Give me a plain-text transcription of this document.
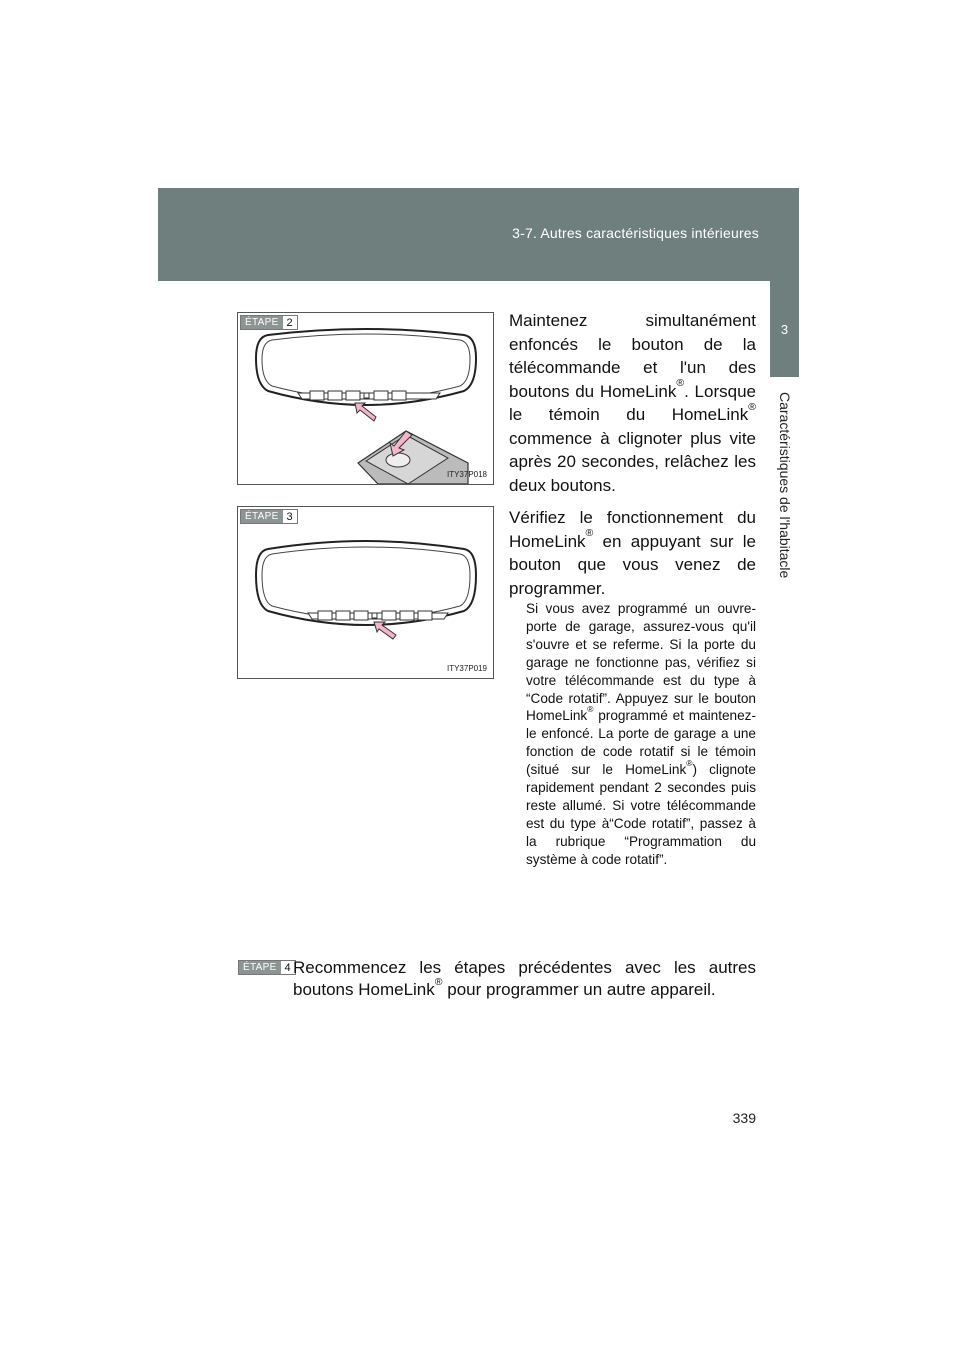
3-7. Autres caractéristiques intérieures
3
Caractéristiques de l'habitacle
ÉTAPE 2
ITY37P018
Maintenez simultanément enfoncés le bouton de la télécommande et l'un des boutons du HomeLink®. Lorsque le témoin du HomeLink® commence à clignoter plus vite après 20 secondes, relâchez les deux boutons.
ÉTAPE 3
ITY37P019
Vérifiez le fonctionnement du HomeLink® en appuyant sur le bouton que vous venez de programmer.
Si vous avez programmé un ouvre-porte de garage, assurez-vous qu'il s'ouvre et se referme. Si la porte du garage ne fonctionne pas, vérifiez si votre télécommande est du type à “Code rotatif”. Appuyez sur le bouton HomeLink® programmé et maintenez-le enfoncé. La porte de garage a une fonction de code rotatif si le témoin (situé sur le HomeLink®) clignote rapidement pendant 2 secondes puis reste allumé. Si votre télécommande est du type à“Code rotatif”, passez à la rubrique “Programmation du système à code rotatif”.
ÉTAPE 4 Recommencez les étapes précédentes avec les autres
boutons HomeLink® pour programmer un autre appareil.
339
